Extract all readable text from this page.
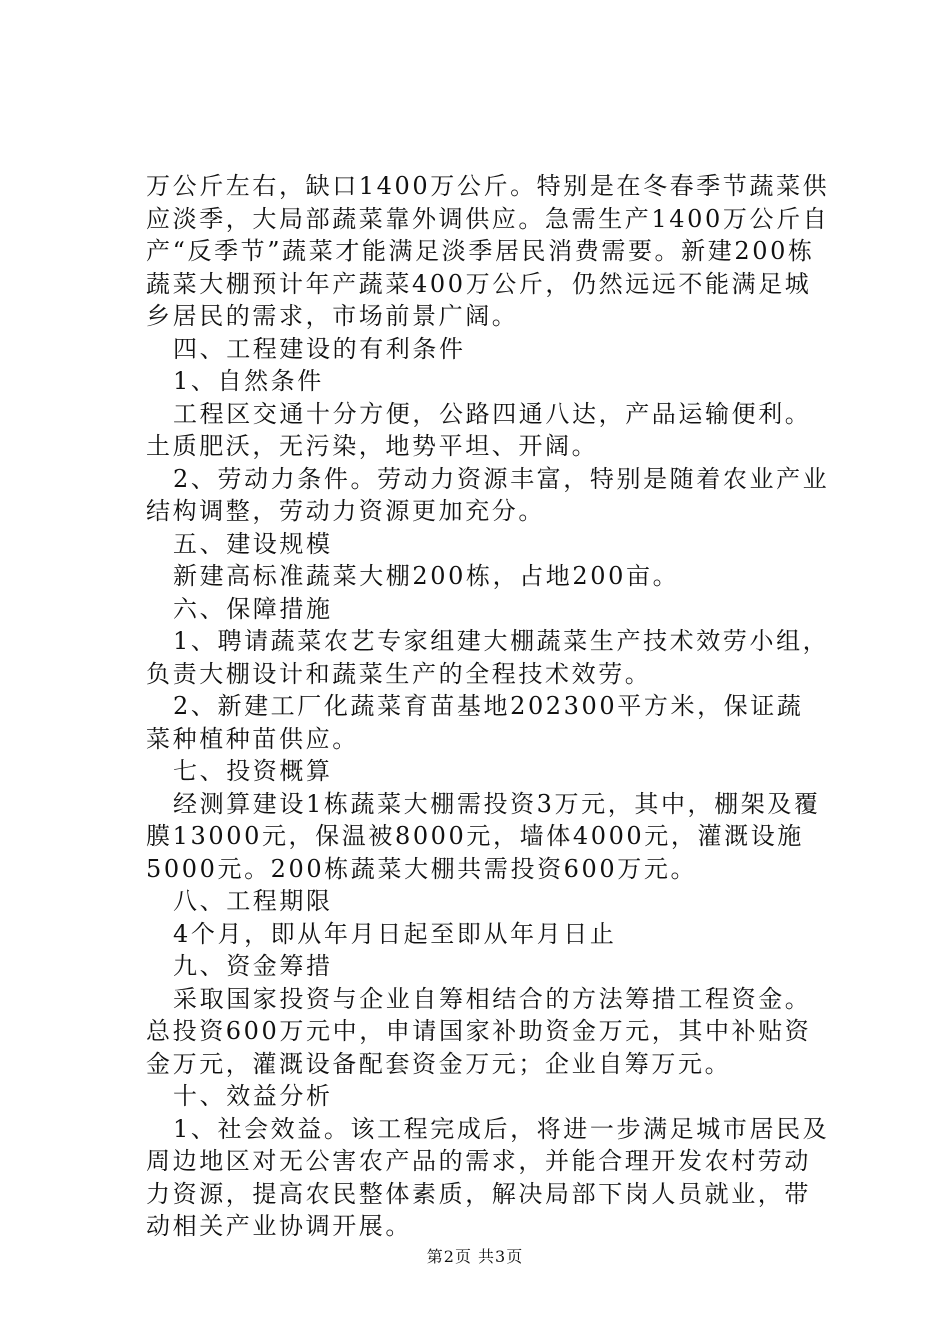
万公斤左右，缺口1400万公斤。特别是在冬春季节蔬菜供应淡季，大局部蔬菜靠外调供应。急需生产1400万公斤自产“反季节”蔬菜才能满足淡季居民消费需要。新建200栋蔬菜大棚预计年产蔬菜400万公斤，仍然远远不能满足城乡居民的需求，市场前景广阔。

四、工程建设的有利条件

1、自然条件

工程区交通十分方便，公路四通八达，产品运输便利。土质肥沃，无污染，地势平坦、开阔。

2、劳动力条件。劳动力资源丰富，特别是随着农业产业结构调整，劳动力资源更加充分。

五、建设规模

新建高标准蔬菜大棚200栋，占地200亩。

六、保障措施

1、聘请蔬菜农艺专家组建大棚蔬菜生产技术效劳小组，负责大棚设计和蔬菜生产的全程技术效劳。

2、新建工厂化蔬菜育苗基地202300平方米，保证蔬菜种植种苗供应。

七、投资概算

经测算建设1栋蔬菜大棚需投资3万元，其中，棚架及覆膜13000元，保温被8000元，墙体4000元，灌溉设施5000元。200栋蔬菜大棚共需投资600万元。

八、工程期限

4个月，即从年月日起至即从年月日止

九、资金筹措

采取国家投资与企业自筹相结合的方法筹措工程资金。总投资600万元中，申请国家补助资金万元，其中补贴资金万元，灌溉设备配套资金万元；企业自筹万元。

十、效益分析

1、社会效益。该工程完成后，将进一步满足城市居民及周边地区对无公害农产品的需求，并能合理开发农村劳动力资源，提高农民整体素质，解决局部下岗人员就业，带动相关产业协调开展。

第2页 共3页
